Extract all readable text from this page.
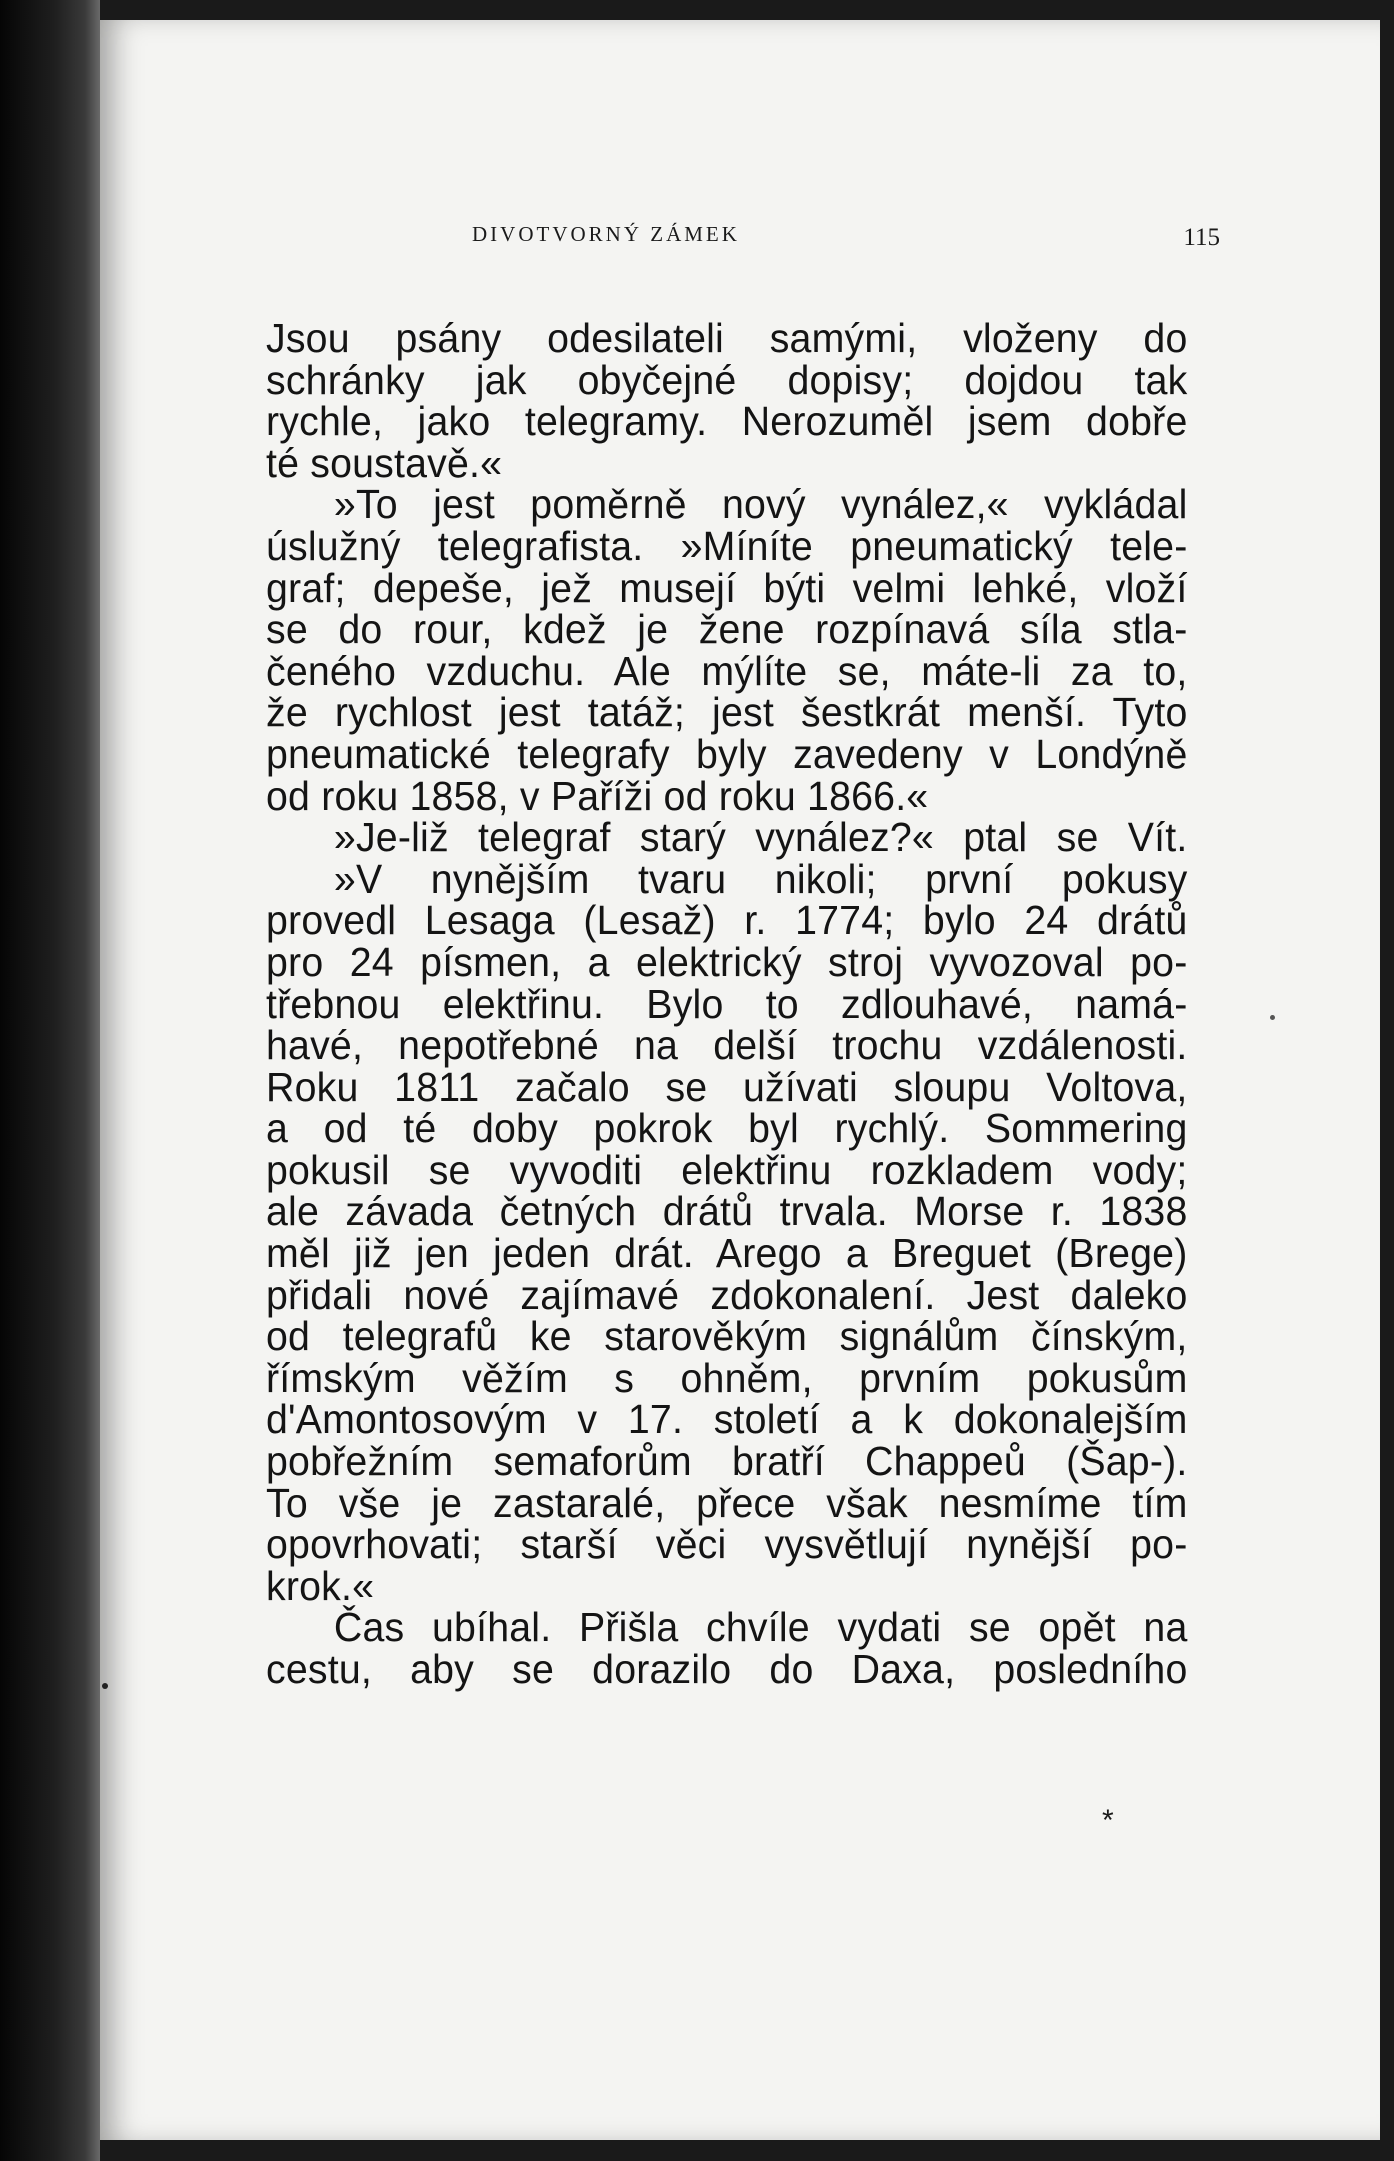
DIVOTVORNÝ ZÁMEK	115
Jsou psány odesilateli samými, vloženy do
schránky jak obyčejné dopisy; dojdou tak
rychle, jako telegramy. Nerozuměl jsem dobře
té soustavě.«
»To jest poměrně nový vynález,« vykládal
úslužný telegrafista. »Míníte pneumatický tele-
graf; depeše, jež musejí býti velmi lehké, vloží
se do rour, kdež je žene rozpínavá síla stla-
čeného vzduchu. Ale mýlíte se, máte-li za to,
že rychlost jest tatáž; jest šestkrát menší. Tyto
pneumatické telegrafy byly zavedeny v Londýně
od roku 1858, v Paříži od roku 1866.«
»Je-liž telegraf starý vynález?« ptal se Vít.
»V nynějším tvaru nikoli; první pokusy
provedl Lesaga (Lesaž) r. 1774; bylo 24 drátů
pro 24 písmen, a elektrický stroj vyvozoval po-
třebnou elektřinu. Bylo to zdlouhavé, namá-
havé, nepotřebné na delší trochu vzdálenosti.
Roku 1811 začalo se užívati sloupu Voltova,
a od té doby pokrok byl rychlý. Sommering
pokusil se vyvoditi elektřinu rozkladem vody;
ale závada četných drátů trvala. Morse r. 1838
měl již jen jeden drát. Arego a Breguet (Brege)
přidali nové zajímavé zdokonalení. Jest daleko
od telegrafů ke starověkým signálům čínským,
římským věžím s ohněm, prvním pokusům
d'Amontosovým v 17. století a k dokonalejším
pobřežním semaforům bratří Chappeů (Šap-).
To vše je zastaralé, přece však nesmíme tím
opovrhovati; starší věci vysvětlují nynější po-
krok.«
Čas ubíhal. Přišla chvíle vydati se opět na
cestu, aby se dorazilo do Daxa, posledního
*
